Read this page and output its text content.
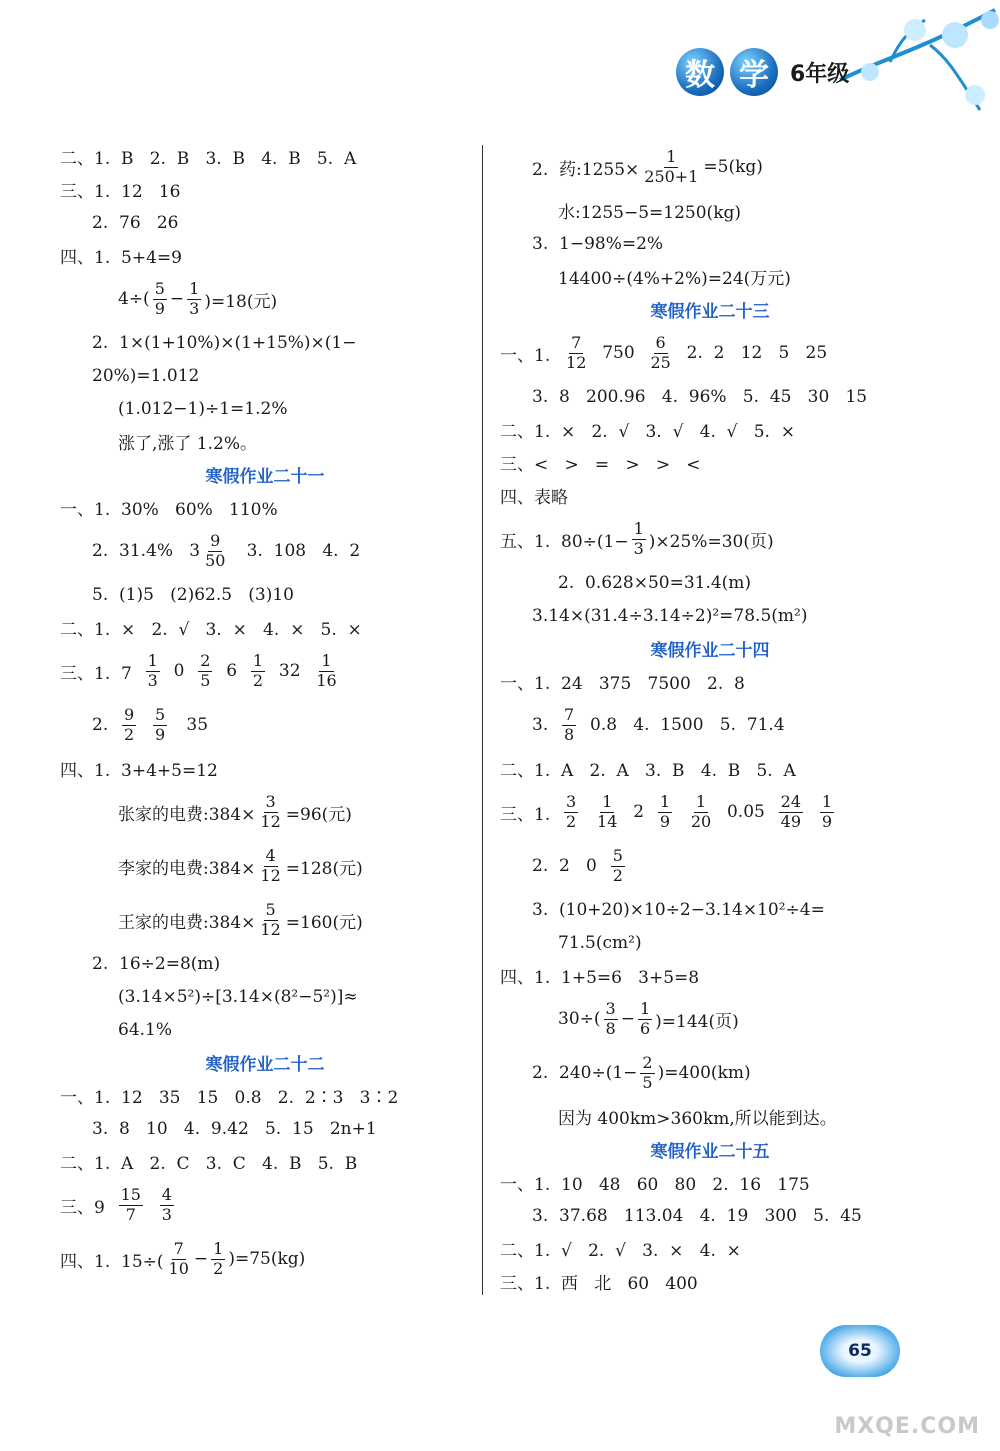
数 学 6年级
二、1.  B   2.  B   3.  B   4.  B   5.  A
三、1.  12   16
2.  76   26
四、1.  5+4=9
$4\div( \frac{5}{9} - \frac{1}{3} )=18$(元)
2.  1×(1+10%)×(1+15%)×(1−
20%)=1.012
(1.012−1)÷1=1.2%
涨了,涨了 1.2%。
寒假作业二十一
一、1.  30%   60%   110%
2.  31.4%   $3 \frac{9}{50} 3$.  108   4.  2
5.  (1)5   (2)62.5   (3)10
二、1.  ×   2.  √   3.  ×   4.  ×   5.  ×
三、1.  $7 \frac{1}{3} 0 \frac{2}{5} 6 \frac{1}{2} 32 \frac{1}{16}$
2. $\frac{9}{2}$
$\frac{5}{9} 35$
四、1.  3+4+5=12
张家的电费:384× $\frac{3}{12} =96$(元)
李家的电费:384× $\frac{4}{12} =128$(元)
王家的电费:384× $\frac{5}{12} =160$(元)
2.  16÷2=8(m)
(3.14×5²)÷[3.14×(8²−5²)]≈
64.1%
寒假作业二十二
一、1.  12   35   15   0.8   2.  2∶3   3∶2
3.  8   10   4.  9.42   5.  15   2n+1
二、1.  A   2.  C   3.  C   4.  B   5.  B
三、$9 \frac{15}{7}$
$\frac{4}{3}$
四、1.  $15\div( \frac{7}{10} - \frac{1}{2} )=75(kg)$
2.  药:1255× $\frac{1}{250+1} =5(kg)$
水:1255−5=1250(kg)
3.  1−98%=2%
14400÷(4%+2%)=24(万元)
寒假作业二十三
一、1. $\frac{7}{12} 750 \frac{6}{25} 2$.  2   12   5   25
3.  8   200.96   4.  96%   5.  45   30   15
二、1.  ×   2.  √   3.  √   4.  √   5.  ×
三、<   >   =   >   >   <
四、表略
五、1.  $80\div(1- \frac{1}{3} )\times 25\%=30$(页)
2.  0.628×50=31.4(m)
3.14×(31.4÷3.14÷2)²=78.5(m²)
寒假作业二十四
一、1.  24   375   7500   2.  8
3. $\frac{7}{8} 0.8$   4.  1500   5.  71.4
二、1.  A   2.  A   3.  B   4.  B   5.  A
三、1. $\frac{3}{2}$
$\frac{1}{14} 2 \frac{1}{9}$
$\frac{1}{20} 0.05 \frac{24}{49}$
$\frac{1}{9}$
2.  2   $0 \frac{5}{2}$
3.  (10+20)×10÷2−3.14×10²÷4=
71.5(cm²)
四、1.  1+5=6   3+5=8
$30\div( \frac{3}{8} - \frac{1}{6} )=144$(页)
2.  $240\div(1- \frac{2}{5} )=400(km)$
因为 400km>360km,所以能到达。
寒假作业二十五
一、1.  10   48   60   80   2.  16   175
3.  37.68   113.04   4.  19   300   5.  45
二、1.  √   2.  √   3.  ×   4.  ×
三、1.  西   北   60   400
65
MXQE.COM
